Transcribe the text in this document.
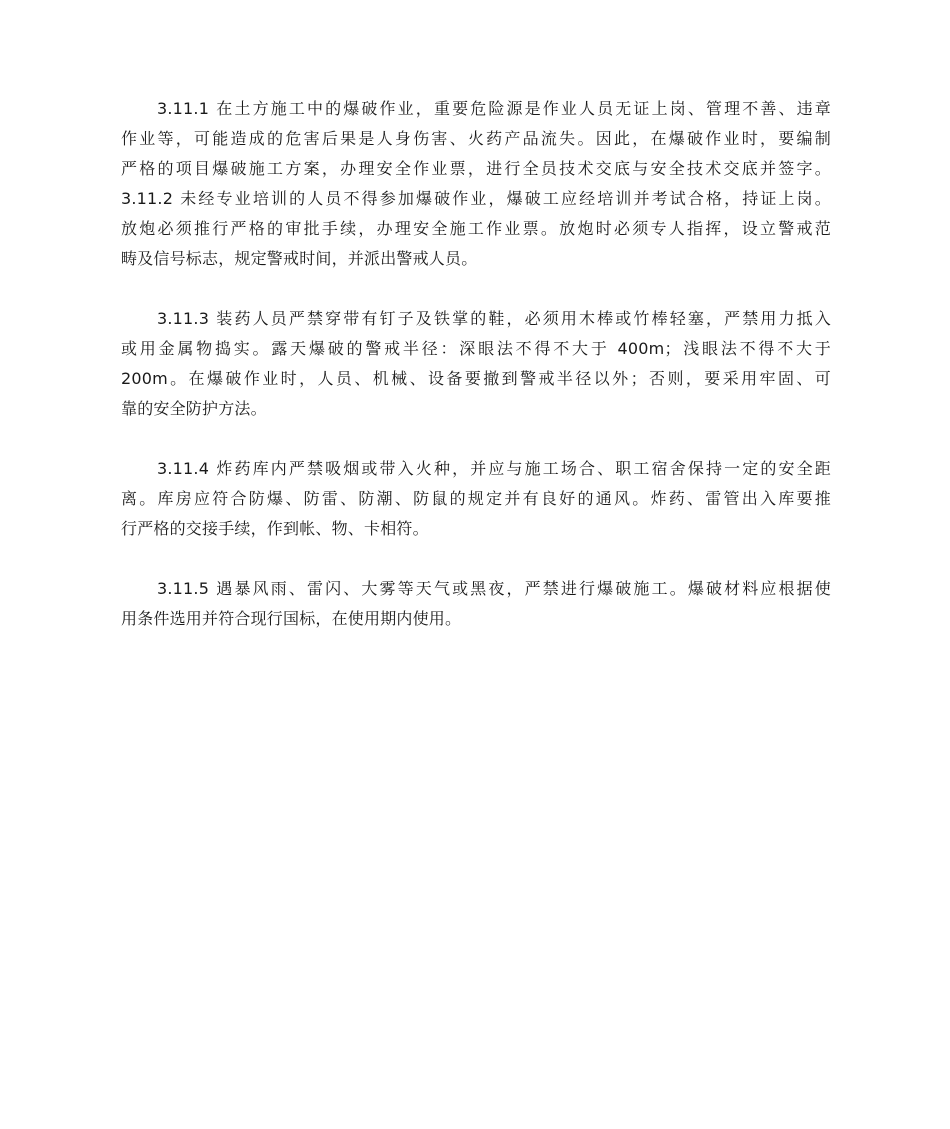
3.11.1 在土方施工中的爆破作业，重要危险源是作业人员无证上岗、管理不善、违章
作业等，可能造成的危害后果是人身伤害、火药产品流失。因此，在爆破作业时，要编制
严格的项目爆破施工方案，办理安全作业票，进行全员技术交底与安全技术交底并签字。
3.11.2 未经专业培训的人员不得参加爆破作业，爆破工应经培训并考试合格，持证上岗。
放炮必须推行严格的审批手续，办理安全施工作业票。放炮时必须专人指挥，设立警戒范
畴及信号标志，规定警戒时间，并派出警戒人员。
3.11.3 装药人员严禁穿带有钉子及铁掌的鞋，必须用木棒或竹棒轻塞，严禁用力抵入
或用金属物捣实。露天爆破的警戒半径：深眼法不得不大于 400m；浅眼法不得不大于
200m。在爆破作业时，人员、机械、设备要撤到警戒半径以外；否则，要采用牢固、可
靠的安全防护方法。
3.11.4 炸药库内严禁吸烟或带入火种，并应与施工场合、职工宿舍保持一定的安全距
离。库房应符合防爆、防雷、防潮、防鼠的规定并有良好的通风。炸药、雷管出入库要推
行严格的交接手续，作到帐、物、卡相符。
3.11.5 遇暴风雨、雷闪、大雾等天气或黑夜，严禁进行爆破施工。爆破材料应根据使
用条件选用并符合现行国标，在使用期内使用。
